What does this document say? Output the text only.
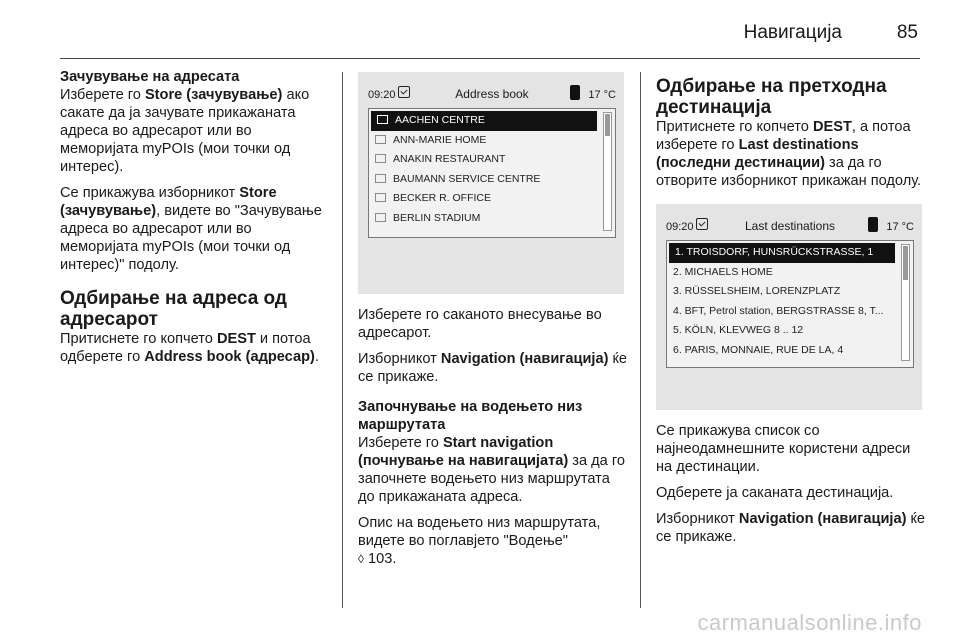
Навигација	85
Зачувување на адресата

Изберете го Store (зачувување) ако сакате да ја зачувате прикажаната адреса во адресарот или во меморијата myPOIs (мои точки од интерес).

Се прикажува изборникот Store (зачувување), видете во "Зачувување адреса во адресарот или во меморијата myPOIs (мои точки од интерес)" подолу.

Одбирање на адреса од адресарот

Притиснете го копчето DEST и потоа одберете го Address book (адресар).

09:20	Address book	17 °C
AACHEN CENTRE
ANN-MARIE HOME
ANAKIN RESTAURANT
BAUMANN SERVICE CENTRE
BECKER R. OFFICE
BERLIN STADIUM

Изберете го саканото внесување во адресарот.

Изборникот Navigation (навигација) ќе се прикаже.

Започнување на водењето низ маршрутата

Изберете го Start navigation (почнување на навигацијата) за да го започнете водењето низ маршрутата до прикажаната адреса.

Опис на водењето низ маршрутата, видете во поглавјето "Водење"
◊ 103.

Одбирање на претходна дестинација

Притиснете го копчето DEST, а потоа изберете го Last destinations (последни дестинации) за да го отворите изборникот прикажан подолу.

09:20	Last destinations	17 °C
1. TROISDORF, HUNSRÜCKSTRASSE, 1
2. MICHAELS HOME
3. RÜSSELSHEIM, LORENZPLATZ
4. BFT, Petrol station, BERGSTRASSE 8, T...
5. KÖLN, KLEVWEG 8 .. 12
6. PARIS, MONNAIE, RUE DE LA, 4

Се прикажува список со најнеодамнешните користени адреси на дестинации.

Одберете ја саканата дестинација.

Изборникот Navigation (навигација) ќе се прикаже.

carmanualsonline.info
